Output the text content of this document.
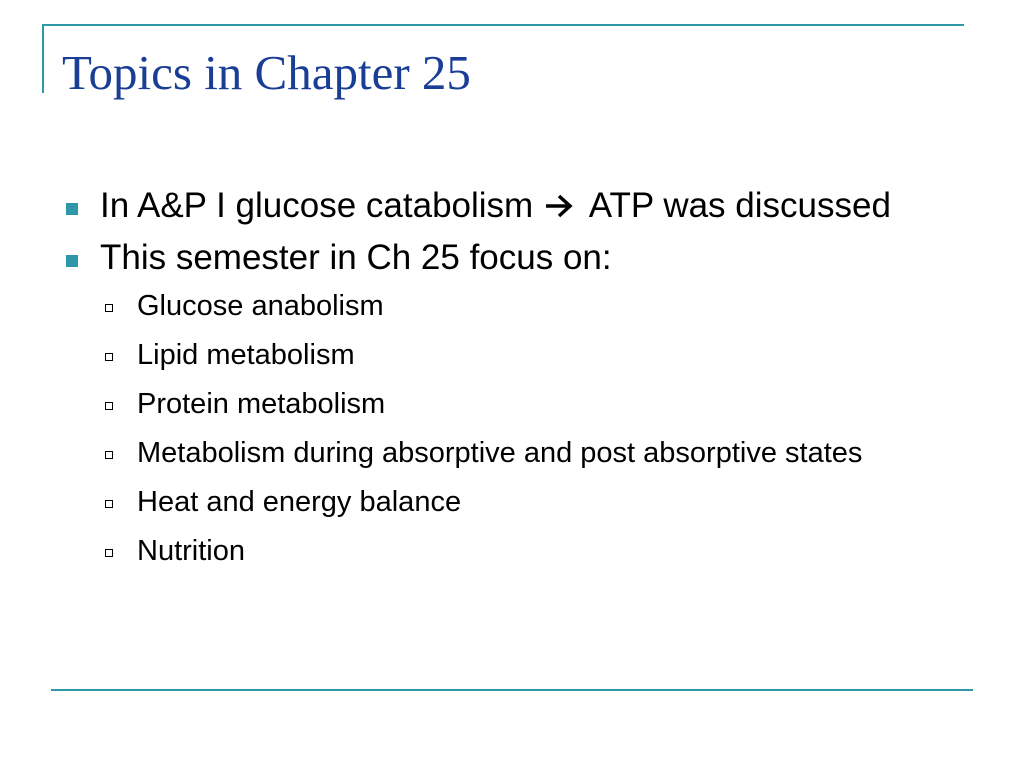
Topics in Chapter 25
In A&P I glucose catabolism ATP was discussed
This semester in Ch 25 focus on:
Glucose anabolism
Lipid metabolism
Protein metabolism
Metabolism during absorptive and post absorptive states
Heat and energy balance
Nutrition
